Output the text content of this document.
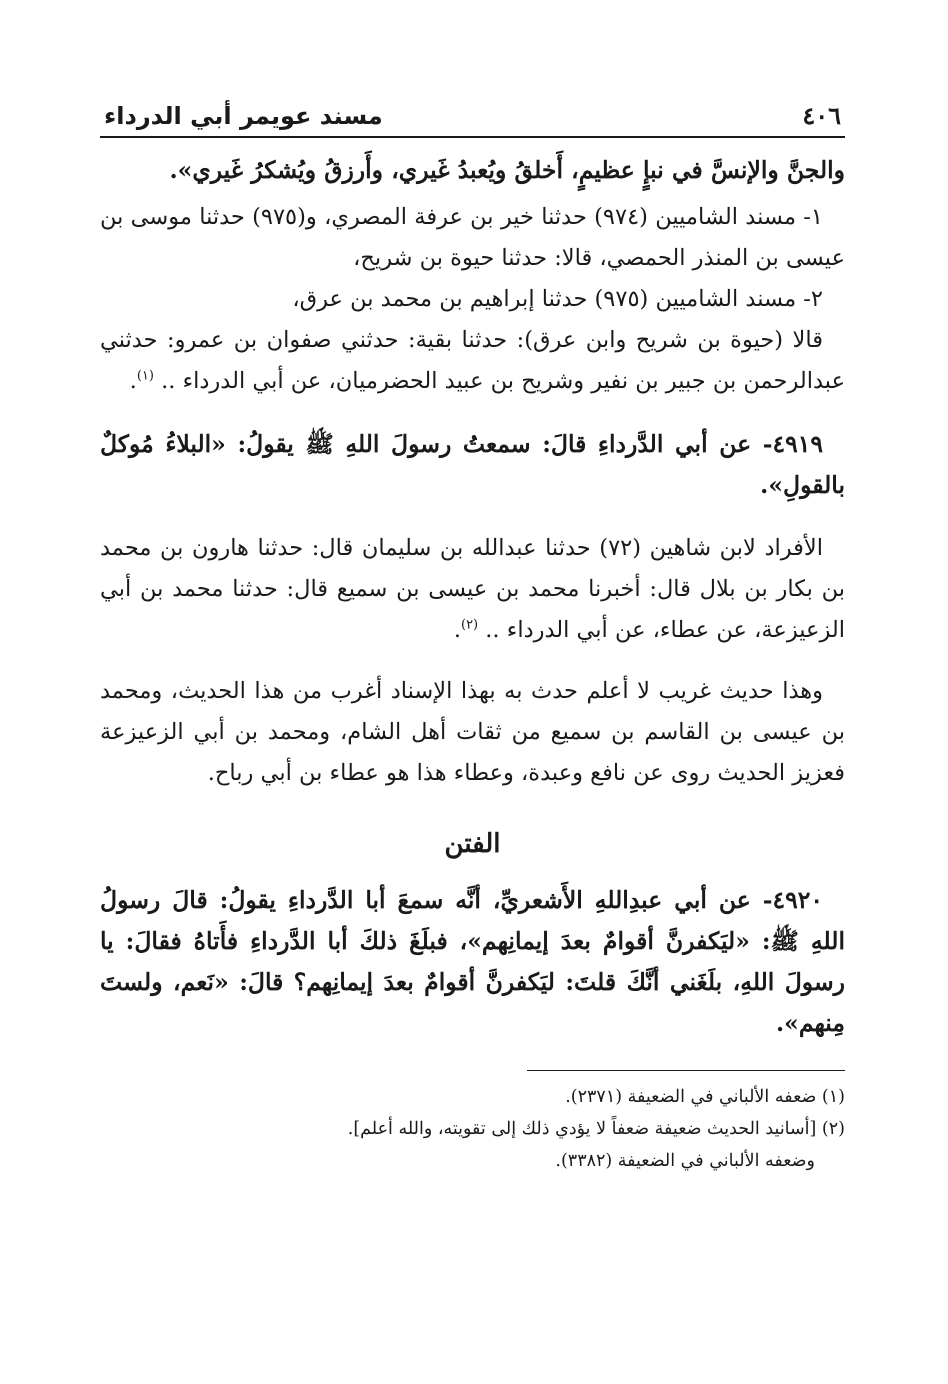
٤٠٦
مسند عويمر أبي الدرداء

والجنَّ والإنسَّ في نبإٍ عظيمٍ، أَخلقُ ويُعبدُ غَيري، وأَرزقُ ويُشكرُ غَيري».

١- مسند الشاميين (٩٧٤) حدثنا خير بن عرفة المصري، و(٩٧٥) حدثنا موسى بن عيسى بن المنذر الحمصي، قالا: حدثنا حيوة بن شريح،

٢- مسند الشاميين (٩٧٥) حدثنا إبراهيم بن محمد بن عرق،

قالا (حيوة بن شريح وابن عرق): حدثنا بقية: حدثني صفوان بن عمرو: حدثني عبدالرحمن بن جبير بن نفير وشريح بن عبيد الحضرميان، عن أبي الدرداء .. $^{(١)}$.

٤٩١٩- عن أبي الدَّرداءِ قالَ: سمعتُ رسولَ اللهِ ﷺ يقولُ: «البلاءُ مُوكلٌ بالقولِ».

الأفراد لابن شاهين (٧٢) حدثنا عبدالله بن سليمان قال: حدثنا هارون بن محمد بن بكار بن بلال قال: أخبرنا محمد بن عيسى بن سميع قال: حدثنا محمد بن أبي الزعيزعة، عن عطاء، عن أبي الدرداء .. $^{(٢)}$.

وهذا حديث غريب لا أعلم حدث به بهذا الإسناد أغرب من هذا الحديث، ومحمد بن عيسى بن القاسم بن سميع من ثقات أهل الشام، ومحمد بن أبي الزعيزعة فعزيز الحديث روى عن نافع وعبدة، وعطاء هذا هو عطاء بن أبي رباح.

الفتن

٤٩٢٠- عن أبي عبدِاللهِ الأَشعريِّ، أنَّه سمعَ أبا الدَّرداءِ يقولُ: قالَ رسولُ اللهِ ﷺ: «ليَكفرنَّ أقوامٌ بعدَ إيمانِهم»، فبلَغَ ذلكَ أبا الدَّرداءِ فأَتاهُ فقالَ: يا رسولَ اللهِ، بلَغَني أنَّكَ قلتَ: ليَكفرنَّ أقوامٌ بعدَ إيمانِهم؟ قالَ: «نَعم، ولستَ مِنهم».

(١) ضعفه الألباني في الضعيفة (٢٣٧١).

(٢) [أسانيد الحديث ضعيفة ضعفاً لا يؤدي ذلك إلى تقويته، والله أعلم].

وضعفه الألباني في الضعيفة (٣٣٨٢).
